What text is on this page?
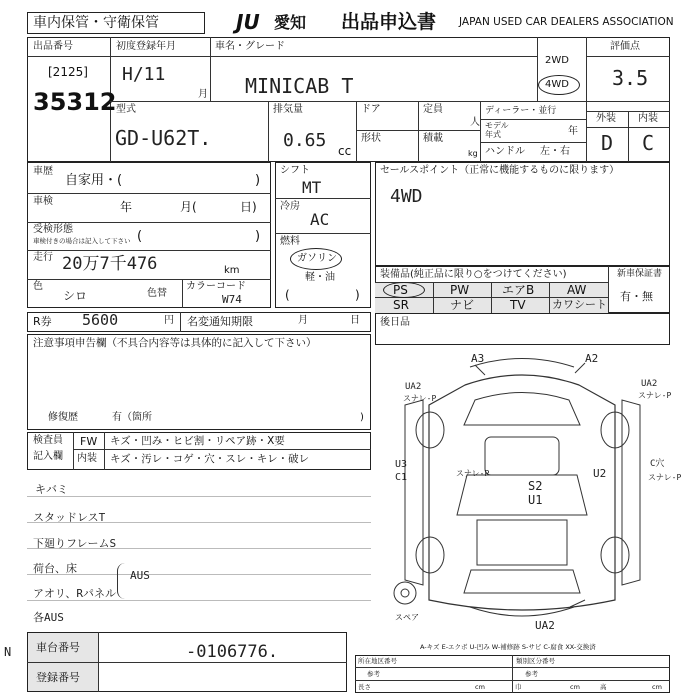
車内保管・守衛保管	JU 愛知 出品申込書 JAPAN USED CAR DEALERS ASSOCIATION
出品番号
[2125]
35312
初度登録年月
H/11
月
車名・グレード
MINICAB T
2WD
4WD
評価点
3.5
型式
GD-U62T.
排気量
0.65 cc
ドア	定員
人
形状	積載
kg
ディーラー・並行
モデル
年式	年
ハンドル 左・右
外装 内装
D C
車歴
自家用・(	)
車検	年	月(	日)
受検形態
車検付きの場合は記入して下さい (	)
走行 20万7千476	km
色
シロ	色替
カラーコード
W74
シフト
MT
冷房
AC
燃料
ガソリン
軽・油
(	)
セールスポイント（正常に機能するものに限ります）
4WD
装備品(純正品に限り○をつけてください)	新車保証書
有・無
PS	PW	エアB	AW
SR	ナビ	TV カワシート
R券 5600	円 名変通知期限	月	日 後日品
注意事項申告欄（不具合内容等は具体的に記入して下さい）
修復歴	有（箇所	)
検査員
記入欄
FW キズ・凹み・ヒビ割・リペア跡・X要
内装 キズ・汚レ・コゲ・穴・スレ・キレ・破レ
キバミ
スタッドレスT
下廻りフレームS
荷台、床
アオリ、Rパネル
AUS
各AUS
A3	A2
UA2
スナレ-P
UA2
スナレ-P
U3
C1	スナレ-P
S2
U1
U2
C穴
スナレ-P
UA2
スペア
A-キズ E-エクボ U-凹み W-補修跡 S-サビ C-腐食 XX-交換済
車台番号	-0106776.
登録番号
所在地区番号	類別区分番号
参考	参考
長さ	cm	巾	cm	高	cm
N
